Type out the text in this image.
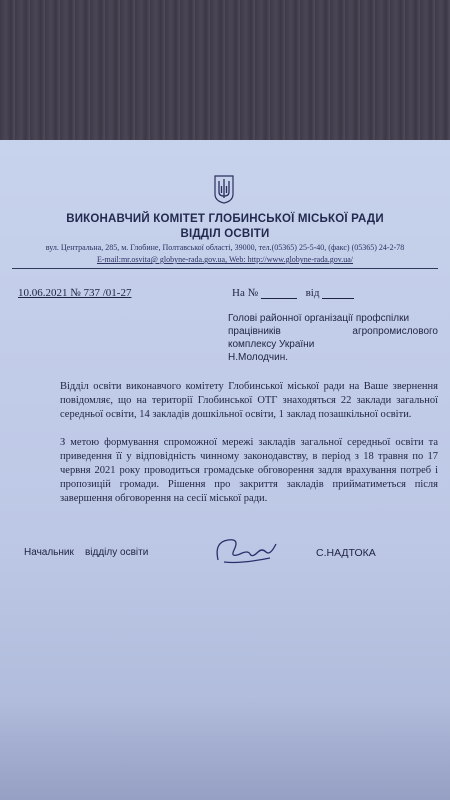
ВИКОНАВЧИЙ КОМІТЕТ ГЛОБИНСЬКОЇ МІСЬКОЇ РАДИ
ВІДДІЛ ОСВІТИ
вул. Центральна, 285, м. Глобине, Полтавської області, 39000, тел.(05365) 25-5-40, (факс) (05365) 24-2-78
E-mail:mr.osvita@ globyne-rada.gov.ua, Web: http://www.globyne-rada.gov.ua/
10.06.2021 № 737 /01-27	На №	від
Голові районної організації профспілки
працівників	агропромислового
комплексу України
Н.Молодчин.
Відділ освіти виконавчого комітету Глобинської міської ради на Ваше звернення повідомляє, що на території Глобинської ОТГ знаходяться 22 заклади загальної середньої освіти, 14 закладів дошкільної освіти, 1 заклад позашкільної освіти.
З метою формування спроможної мережі закладів загальної середньої освіти та приведення її у відповідність чинному законодавству, в період з 18 травня по 17 червня 2021 року проводиться громадське обговорення задля врахування потреб і пропозицій громади. Рішення про закриття закладів прийматиметься після завершення обговорення на сесії міської ради.
Начальник    відділу освіти	С.НАДТОКА
